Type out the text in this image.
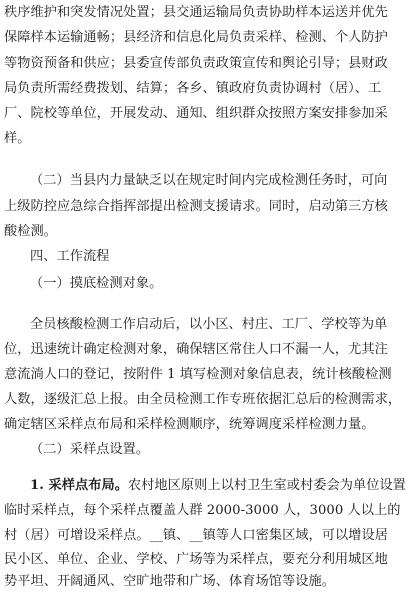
秩序维护和突发情况处置；县交通运输局负责协助样本运送并优先
保障样本运输通畅；县经济和信息化局负责采样、检测、个人防护
等物资预备和供应；县委宣传部负责政策宣传和舆论引导；县财政
局负责所需经费拨划、结算；各乡、镇政府负责协调村（居）、工
厂、院校等单位，开展发动、通知、组织群众按照方案安排参加采
样。
（二）当县内力量缺乏以在规定时间内完成检测任务时，可向
上级防控应急综合指挥部提出检测支援请求。同时，启动第三方核
酸检测。
四、工作流程
（一）摸底检测对象。
全员核酸检测工作启动后，以小区、村庄、工厂、学校等为单
位，迅速统计确定检测对象，确保辖区常住人口不漏一人，尤其注
意流淌人口的登记，按附件 1 填写检测对象信息表，统计核酸检测
人数，逐级汇总上报。由全员检测工作专班依据汇总后的检测需求，
确定辖区采样点布局和采样检测顺序，统筹调度采样检测力量。
（二）采样点设置。
1. 采样点布局。农村地区原则上以村卫生室或村委会为单位设置
临时采样点，每个采样点覆盖人群 2000-3000 人，3000 人以上的
村（居）可增设采样点。__镇、__镇等人口密集区域，可以增设居
民小区、单位、企业、学校、广场等为采样点，要充分利用城区地
势平坦、开阔通风、空旷地带和广场、体育场馆等设施。
